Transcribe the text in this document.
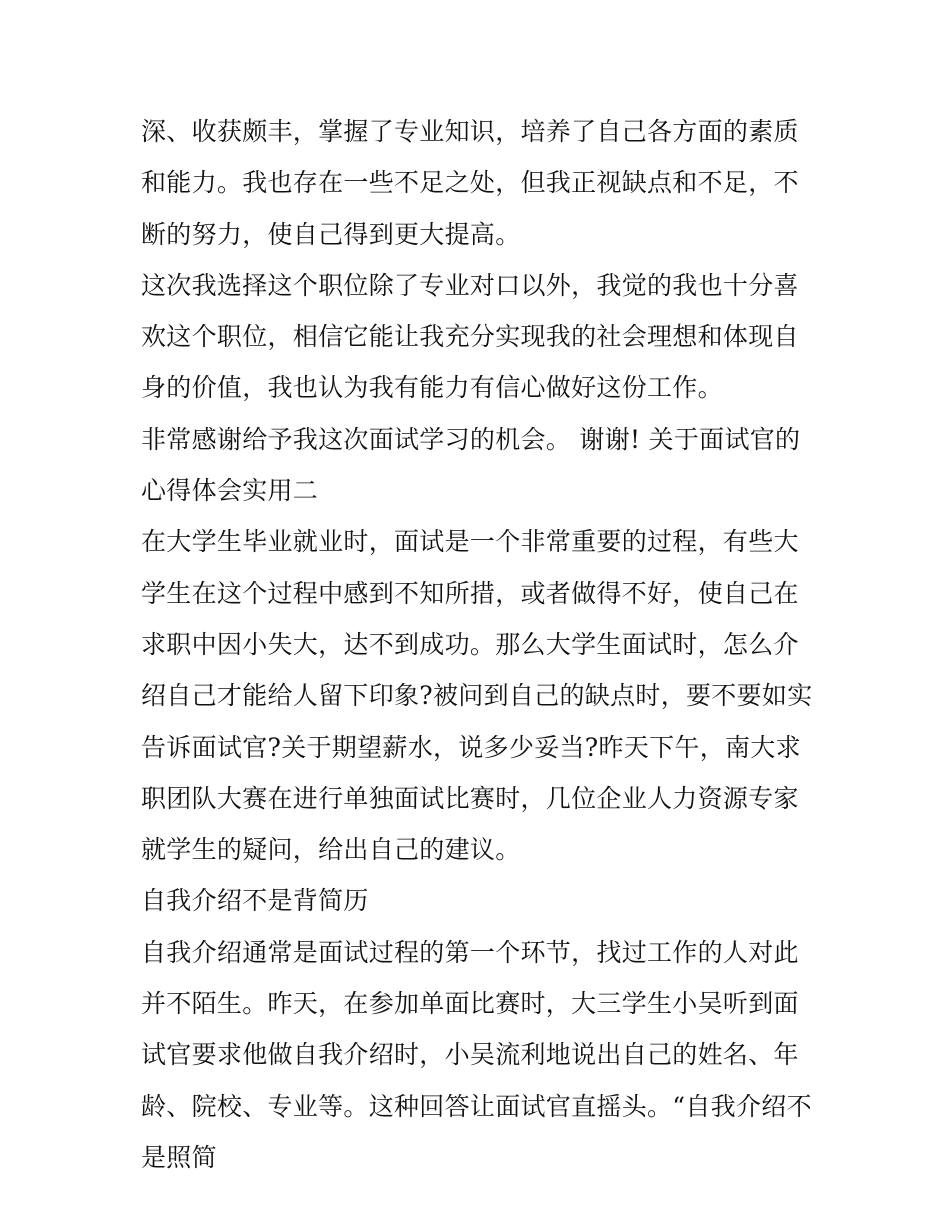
深、收获颇丰，掌握了专业知识，培养了自己各方面的素质和能力。我也存在一些不足之处，但我正视缺点和不足，不断的努力，使自己得到更大提高。

这次我选择这个职位除了专业对口以外，我觉的我也十分喜欢这个职位，相信它能让我充分实现我的社会理想和体现自身的价值，我也认为我有能力有信心做好这份工作。

非常感谢给予我这次面试学习的机会。 谢谢! 关于面试官的心得体会实用二

在大学生毕业就业时，面试是一个非常重要的过程，有些大学生在这个过程中感到不知所措，或者做得不好，使自己在求职中因小失大，达不到成功。那么大学生面试时，怎么介绍自己才能给人留下印象?被问到自己的缺点时，要不要如实告诉面试官?关于期望薪水，说多少妥当?昨天下午，南大求职团队大赛在进行单独面试比赛时，几位企业人力资源专家就学生的疑问，给出自己的建议。

自我介绍不是背简历

自我介绍通常是面试过程的第一个环节，找过工作的人对此并不陌生。昨天，在参加单面比赛时，大三学生小吴听到面试官要求他做自我介绍时，小吴流利地说出自己的姓名、年龄、院校、专业等。这种回答让面试官直摇头。“自我介绍不是照简
